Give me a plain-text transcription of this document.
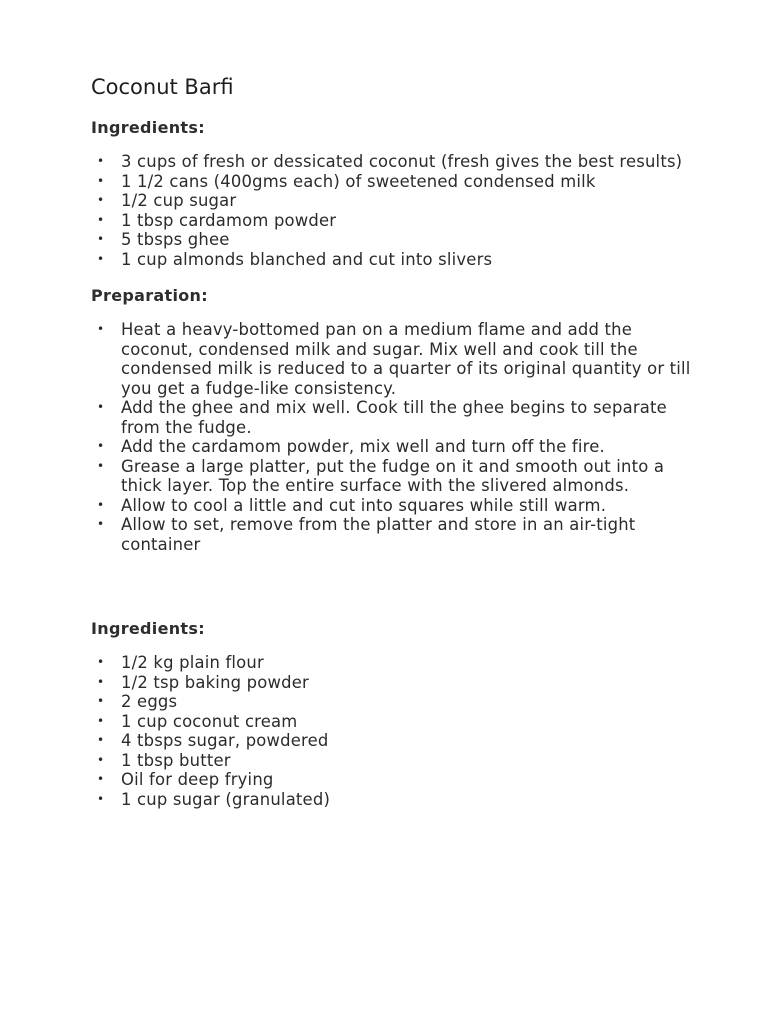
Coconut Barfi
Ingredients:
• 3 cups of fresh or dessicated coconut (fresh gives the best results)
• 1 1/2 cans (400gms each) of sweetened condensed milk
• 1/2 cup sugar
• 1 tbsp cardamom powder
• 5 tbsps ghee
• 1 cup almonds blanched and cut into slivers
Preparation:
• Heat a heavy-bottomed pan on a medium flame and add the coconut, condensed milk and sugar. Mix well and cook till the condensed milk is reduced to a quarter of its original quantity or till you get a fudge-like consistency.
• Add the ghee and mix well. Cook till the ghee begins to separate from the fudge.
• Add the cardamom powder, mix well and turn off the fire.
• Grease a large platter, put the fudge on it and smooth out into a thick layer. Top the entire surface with the slivered almonds.
• Allow to cool a little and cut into squares while still warm.
• Allow to set, remove from the platter and store in an air-tight container
Ingredients:
• 1/2 kg plain flour
• 1/2 tsp baking powder
• 2 eggs
• 1 cup coconut cream
• 4 tbsps sugar, powdered
• 1 tbsp butter
• Oil for deep frying
• 1 cup sugar (granulated)
